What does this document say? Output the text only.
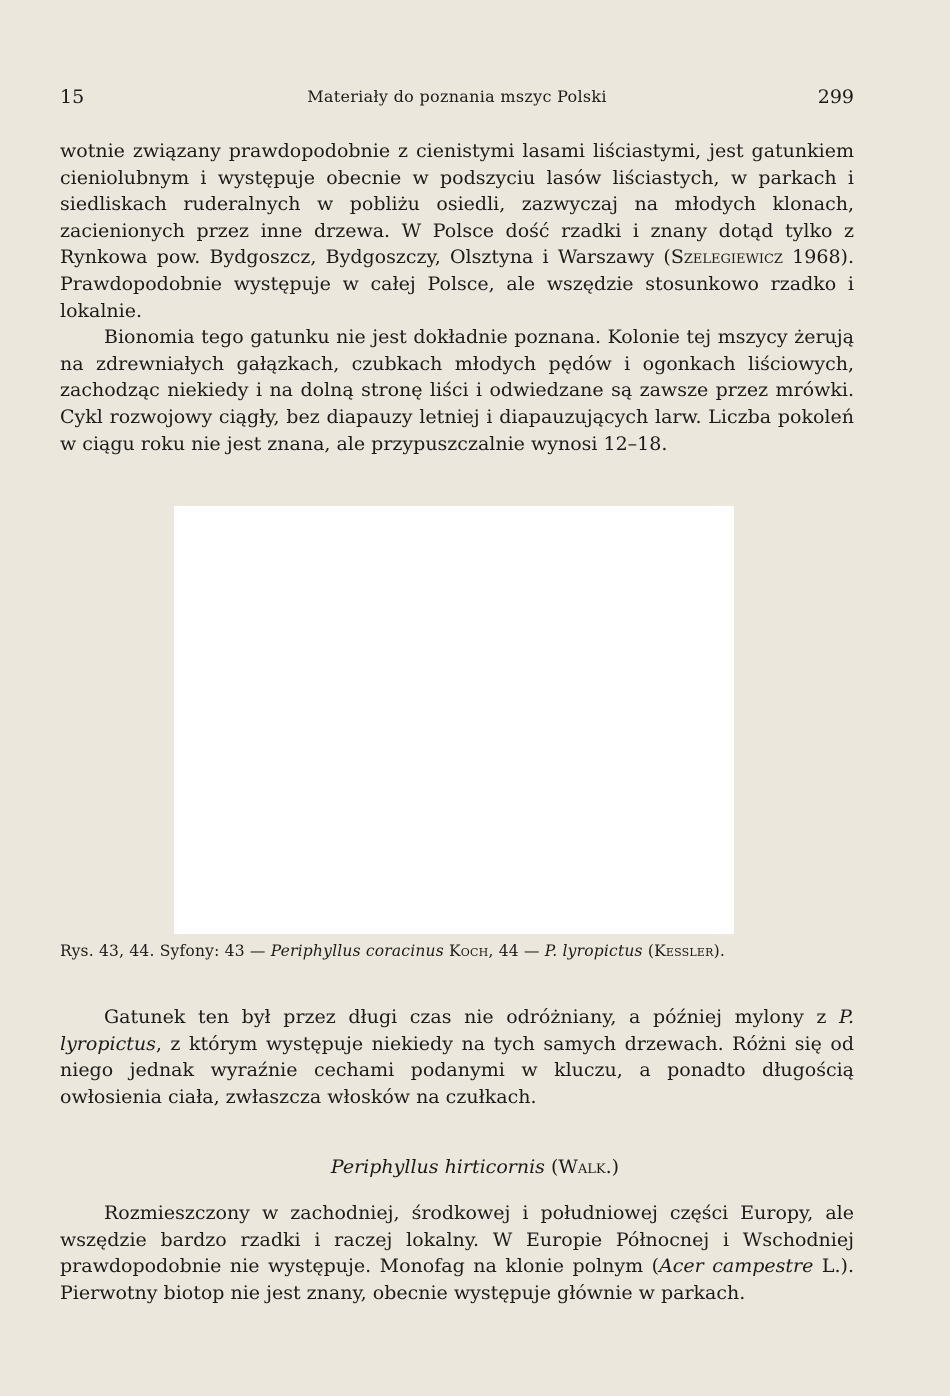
15	Materiały do poznania mszyc Polski	299

wotnie związany prawdopodobnie z cienistymi lasami liściastymi, jest gatunkiem cieniolubnym i występuje obecnie w podszyciu lasów liściastych, w parkach i siedliskach ruderalnych w pobliżu osiedli, zazwyczaj na młodych klonach, zacienionych przez inne drzewa. W Polsce dość rzadki i znany dotąd tylko z Rynkowa pow. Bydgoszcz, Bydgoszczy, Olsztyna i Warszawy (Szelegiewicz 1968). Prawdopodobnie występuje w całej Polsce, ale wszędzie stosunkowo rzadko i lokalnie.

Bionomia tego gatunku nie jest dokładnie poznana. Kolonie tej mszycy żerują na zdrewniałych gałązkach, czubkach młodych pędów i ogonkach liściowych, zachodząc niekiedy i na dolną stronę liści i odwiedzane są zawsze przez mrówki. Cykl rozwojowy ciągły, bez diapauzy letniej i diapauzujących larw. Liczba pokoleń w ciągu roku nie jest znana, ale przypuszczalnie wynosi 12–18.

Rys. 43, 44. Syfony: 43 — Periphyllus coracinus Koch, 44 — P. lyropictus (Kessler).

Gatunek ten był przez długi czas nie odróżniany, a później mylony z P. lyropictus, z którym występuje niekiedy na tych samych drzewach. Różni się od niego jednak wyraźnie cechami podanymi w kluczu, a ponadto długością owłosienia ciała, zwłaszcza włosków na czułkach.

Periphyllus hirticornis (Walk.)

Rozmieszczony w zachodniej, środkowej i południowej części Europy, ale wszędzie bardzo rzadki i raczej lokalny. W Europie Północnej i Wschodniej prawdopodobnie nie występuje. Monofag na klonie polnym (Acer campestre L.). Pierwotny biotop nie jest znany, obecnie występuje głównie w parkach.
